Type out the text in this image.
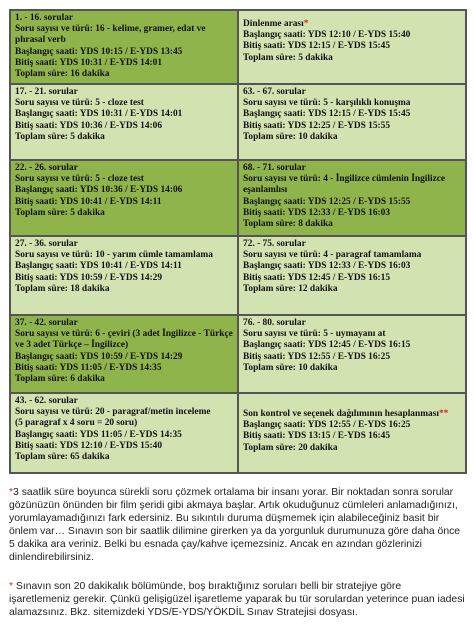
1. - 16. sorular
Soru sayısı ve türü: 16 - kelime, gramer, edat ve phrasal verb
Başlangıç saati: YDS 10:15 / E-YDS 13:45
Bitiş saati: YDS 10:31 / E-YDS 14:01
Toplam süre: 16 dakika
Dinlenme arası*
Başlangıç saati: YDS 12:10 / E-YDS 15:40
Bitiş saati: YDS 12:15 / E-YDS 15:45
Toplam süre: 5 dakika
17. - 21. sorular
Soru sayısı ve türü: 5 - cloze test
Başlangıç saati: YDS 10:31 / E-YDS 14:01
Bitiş saati: YDS 10:36 / E-YDS 14:06
Toplam süre: 5 dakika
63. - 67. sorular
Soru sayısı ve türü: 5 - karşılıklı konuşma
Başlangıç saati: YDS 12:15 / E-YDS 15:45
Bitiş saati: YDS 12:25 / E-YDS 15:55
Toplam süre: 10 dakika
22. - 26. sorular
Soru sayısı ve türü: 5 - cloze test
Başlangıç saati: YDS 10:36 / E-YDS 14:06
Bitiş saati: YDS 10:41 / E-YDS 14:11
Toplam süre: 5 dakika
68. - 71. sorular
Soru sayısı ve türü: 4 - İngilizce cümlenin İngilizce eşanlamlısı
Başlangıç saati: YDS 12:25 / E-YDS 15:55
Bitiş saati: YDS 12:33 / E-YDS 16:03
Toplam süre: 8 dakika
27. - 36. sorular
Soru sayısı ve türü: 10 - yarım cümle tamamlama
Başlangıç saati: YDS 10:41 / E-YDS 14:11
Bitiş saati: YDS 10:59 / E-YDS 14:29
Toplam süre: 18 dakika
72. - 75. sorular
Soru sayısı ve türü: 4 - paragraf tamamlama
Başlangıç saati: YDS 12:33 / E-YDS 16:03
Bitiş saati: YDS 12:45 / E-YDS 16:15
Toplam süre: 12 dakika
37. - 42. sorular
Soru sayısı ve türü: 6 - çeviri (3 adet İngilizce - Türkçe ve 3 adet Türkçe – İngilizce)
Başlangıç saati: YDS 10:59 / E-YDS 14:29
Bitiş saati: YDS 11:05 / E-YDS 14:35
Toplam süre: 6 dakika
76. - 80. sorular
Soru sayısı ve türü: 5 - uymayanı at
Başlangıç saati: YDS 12:45 / E-YDS 16:15
Bitiş saati: YDS 12:55 / E-YDS 16:25
Toplam süre: 10 dakika
43. - 62. sorular
Soru sayısı ve türü: 20 - paragraf/metin inceleme
(5 paragraf x 4 soru = 20 soru)
Başlangıç saati: YDS 11:05 / E-YDS 14:35
Bitiş saati: YDS 12:10 / E-YDS 15:40
Toplam süre: 65 dakika
Son kontrol ve seçenek dağılımının hesaplanması**
Başlangıç saati: YDS 12:55 / E-YDS 16:25
Bitiş saati: YDS 13:15 / E-YDS 16:45
Toplam süre: 20 dakika
*3 saatlik süre boyunca sürekli soru çözmek ortalama bir insanı yorar. Bir noktadan sonra sorular gözünüzün önünden bir film şeridi gibi akmaya başlar. Artık okuduğunuz cümleleri anlamadığınızı, yorumlayamadığınızı fark edersiniz. Bu sıkıntılı duruma düşmemek için alabileceğiniz basit bir önlem var… Sınavın son bir saatlik dilimine girerken ya da yorgunluk durumunuza göre daha önce 5 dakika ara veriniz. Belki bu esnada çay/kahve içemezsiniz. Ancak en azından gözlerinizi dinlendirebilirsiniz.
* Sınavın son 20 dakikalık bölümünde, boş bıraktığınız soruları belli bir stratejiye göre işaretlemeniz gerekir. Çünkü gelişigüzel işaretleme yaparak bu tür sorulardan yeterince puan iadesi alamazsınız. Bkz. sitemizdeki YDS/E-YDS/YÖKDİL Sınav Stratejisi dosyası.
